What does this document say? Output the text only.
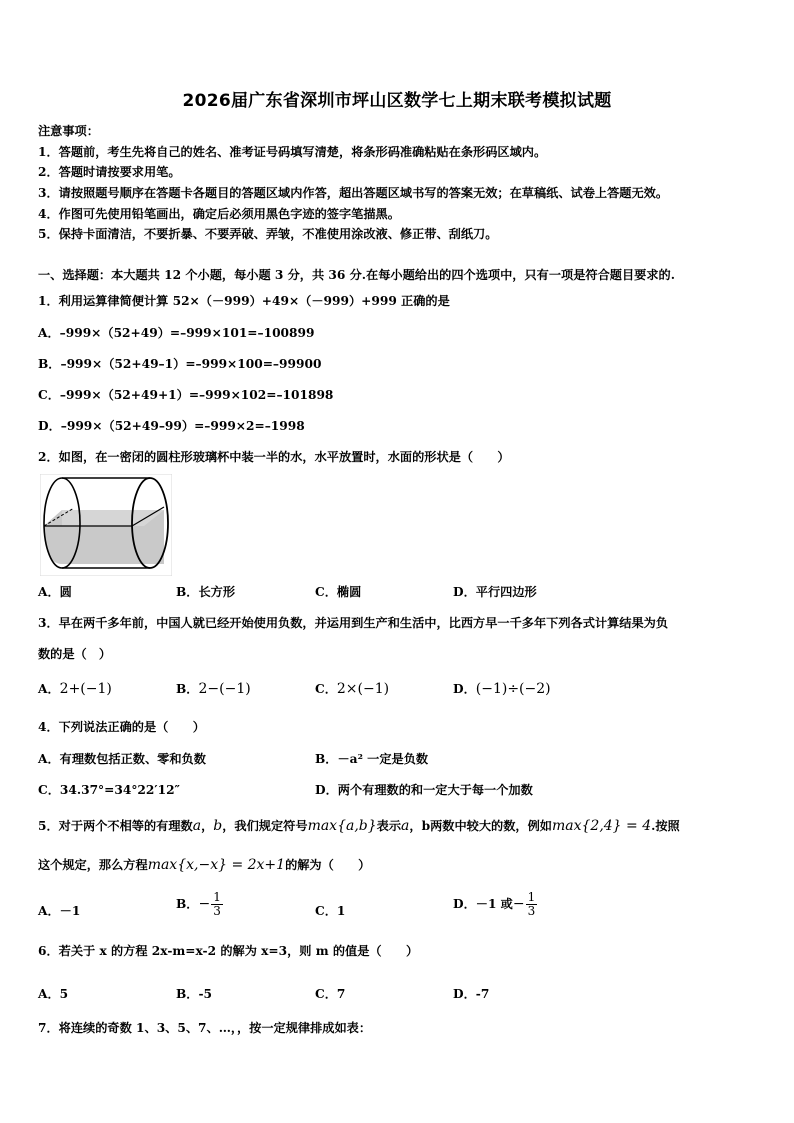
2026届广东省深圳市坪山区数学七上期末联考模拟试题
注意事项：
1．答题前，考生先将自己的姓名、准考证号码填写清楚，将条形码准确粘贴在条形码区域内。
2．答题时请按要求用笔。
3．请按照题号顺序在答题卡各题目的答题区域内作答，超出答题区域书写的答案无效；在草稿纸、试卷上答题无效。
4．作图可先使用铅笔画出，确定后必须用黑色字迹的签字笔描黑。
5．保持卡面清洁，不要折暴、不要弄破、弄皱，不准使用涂改液、修正带、刮纸刀。
一、选择题：本大题共 12 个小题，每小题 3 分，共 36 分.在每小题给出的四个选项中，只有一项是符合题目要求的.
1．利用运算律简便计算 52×（－999）+49×（－999）+999 正确的是
A．–999×（52+49）=–999×101=–100899
B．–999×（52+49–1）=–999×100=–99900
C．–999×（52+49+1）=–999×102=–101898
D．–999×（52+49–99）=–999×2=–1998
2．如图，在一密闭的圆柱形玻璃杯中装一半的水，水平放置时，水面的形状是（　　）
A．圆	B．长方形	C．椭圆	D．平行四边形
3．早在两千多年前，中国人就已经开始使用负数，并运用到生产和生活中，比西方早一千多年下列各式计算结果为负
数的是（　）
A．2+(−1)	B．2−(−1)	C．2×(−1)	D．(−1)÷(−2)
4．下列说法正确的是（　　）
A．有理数包括正数、零和负数	B．－a² 一定是负数
C．34.37°=34°22′12″	D．两个有理数的和一定大于每一个加数
5．对于两个不相等的有理数a，b，我们规定符号max{a,b}表示a，b两数中较大的数，例如max{2,4} = 4.按照
这个规定，那么方程max{x,−x} = 2x+1的解为（　　）
A．－1	B．− $\frac{1}{3}$	C．1	D．－1 或− $\frac{1}{3}$
6．若关于 x 的方程 2x-m=x-2 的解为 x=3，则 m 的值是（　　）
A．5	B．-5	C．7	D．-7
7．将连续的奇数 1、3、5、7、…，，按一定规律排成如表：
